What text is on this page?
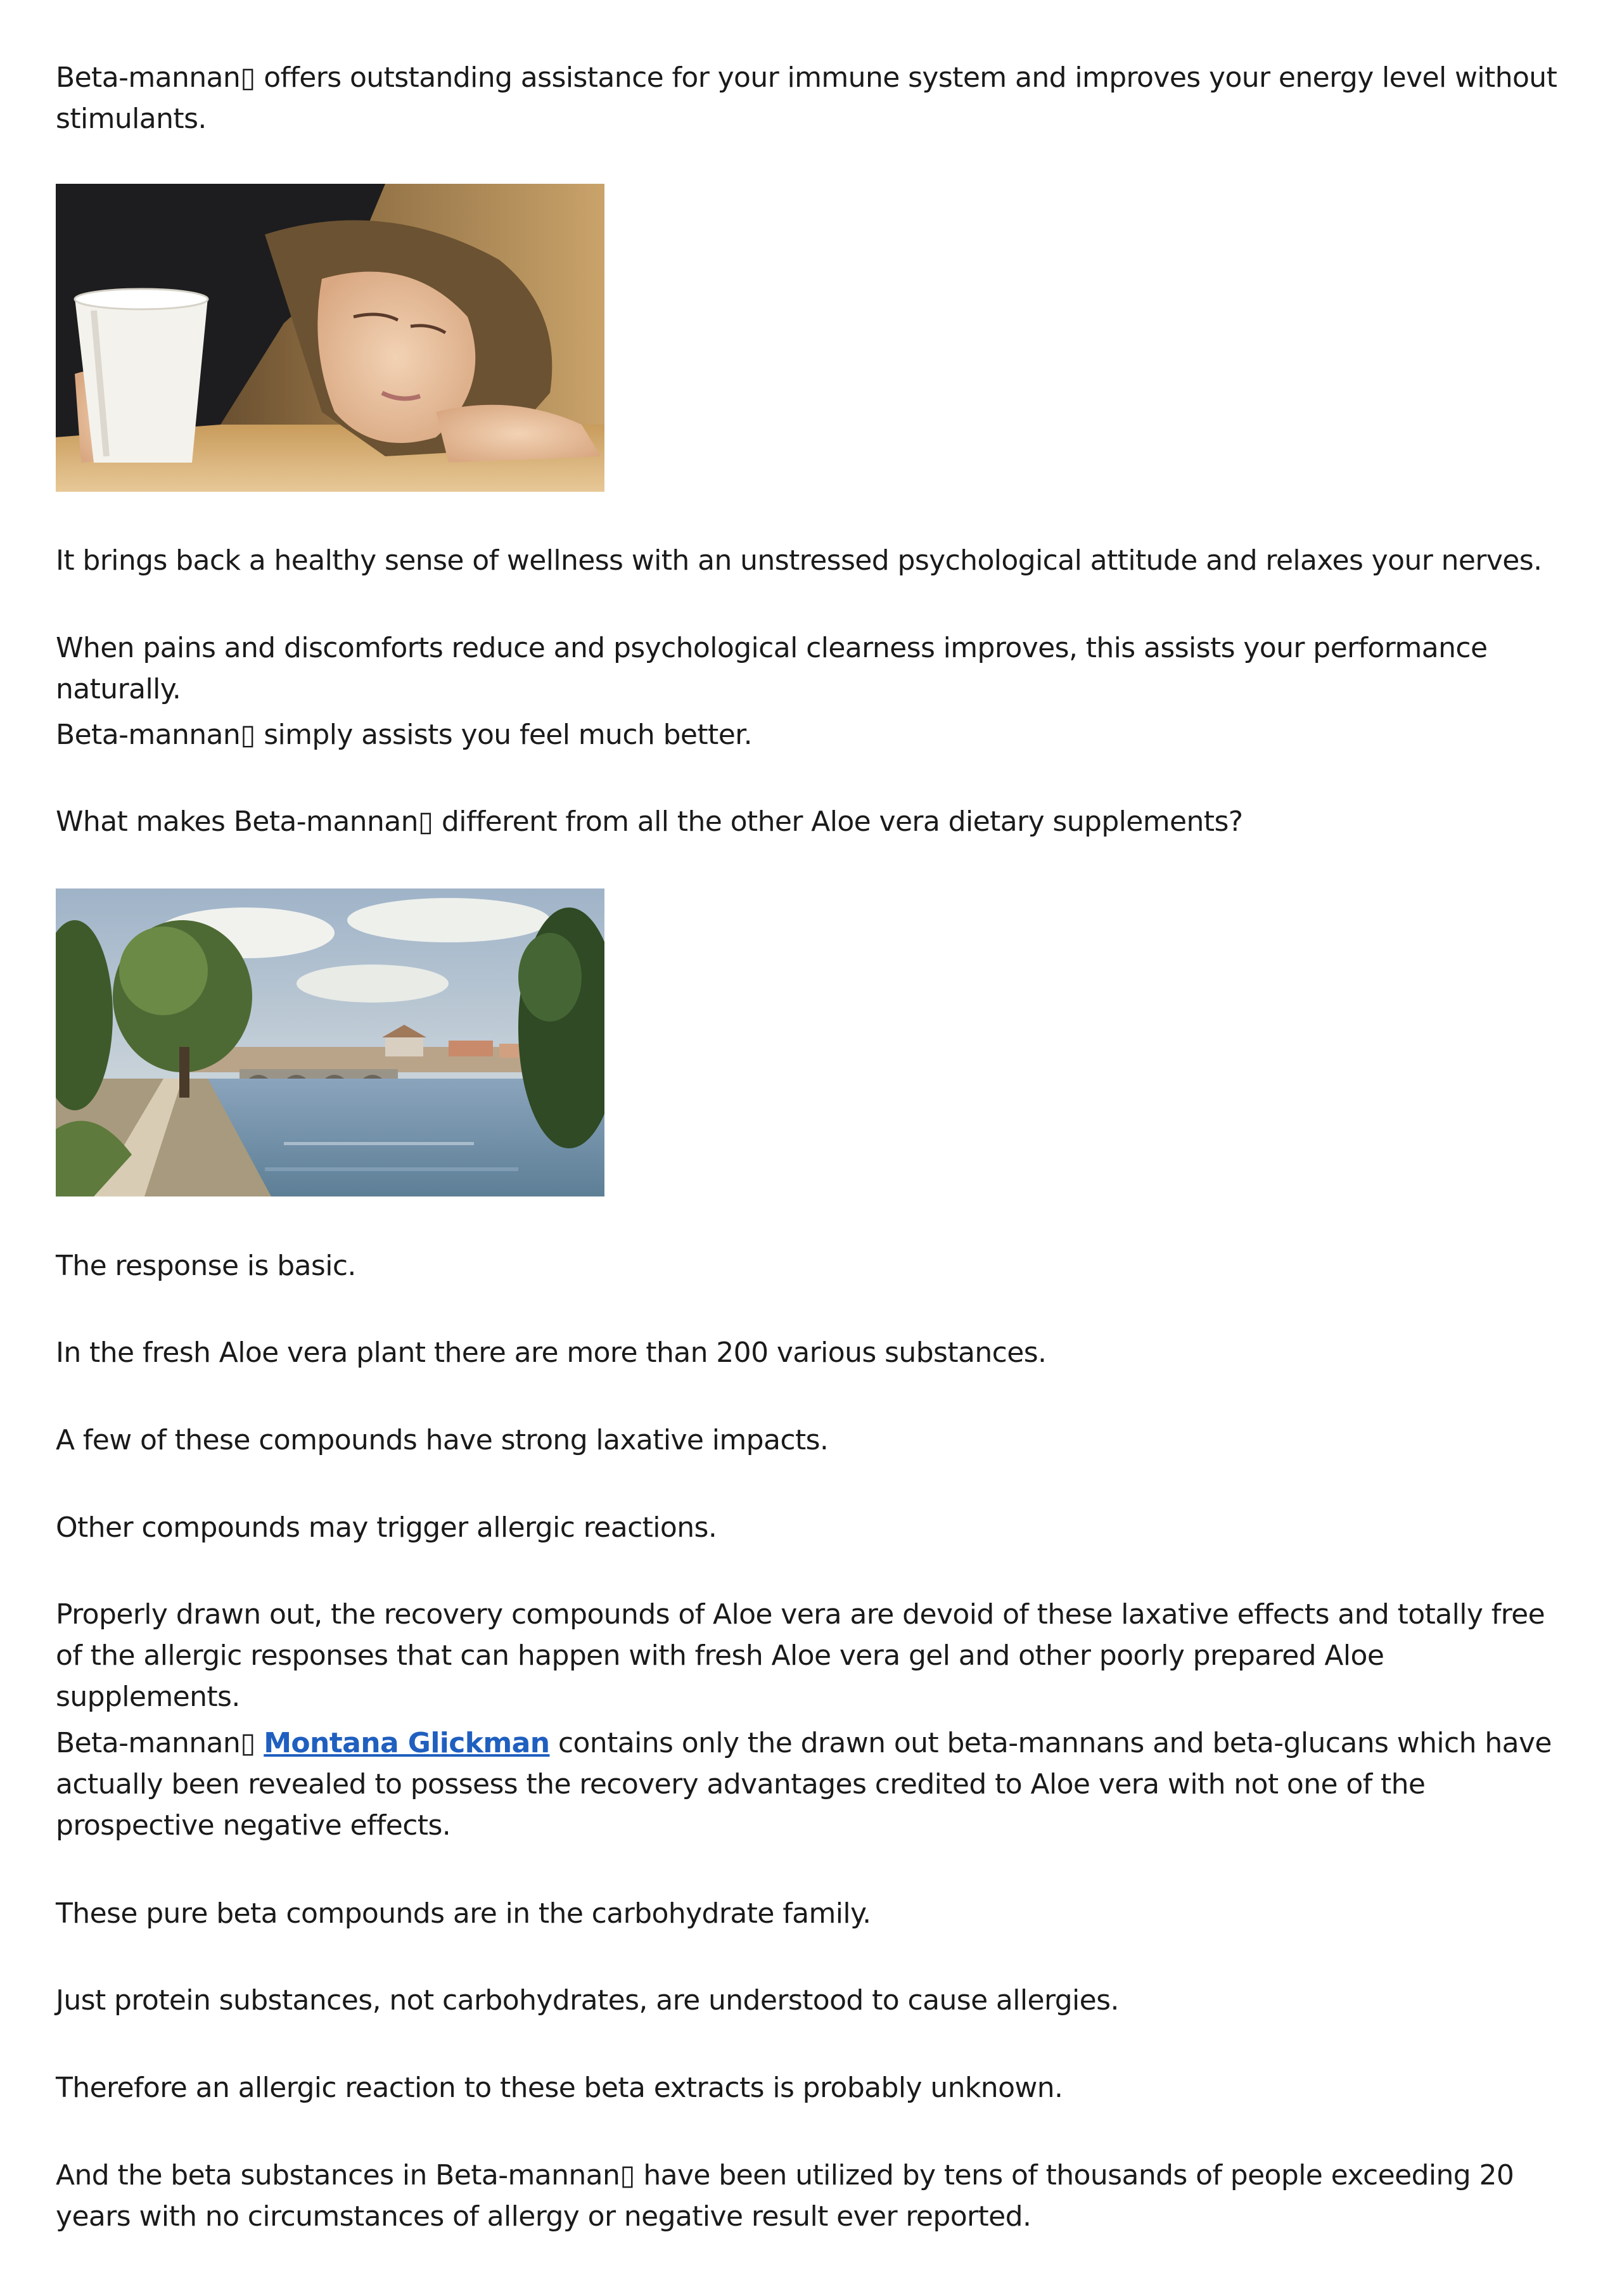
Beta-mannan▯ offers outstanding assistance for your immune system and improves your energy level without stimulants.

It brings back a healthy sense of wellness with an unstressed psychological attitude and relaxes your nerves.

When pains and discomforts reduce and psychological clearness improves, this assists your performance naturally.

Beta-mannan▯ simply assists you feel much better.

What makes Beta-mannan▯ different from all the other Aloe vera dietary supplements?

The response is basic.

In the fresh Aloe vera plant there are more than 200 various substances.

A few of these compounds have strong laxative impacts.

Other compounds may trigger allergic reactions.

Properly drawn out, the recovery compounds of Aloe vera are devoid of these laxative effects and totally free of the allergic responses that can happen with fresh Aloe vera gel and other poorly prepared Aloe supplements.

Beta-mannan▯ Montana Glickman contains only the drawn out beta-mannans and beta-glucans which have actually been revealed to possess the recovery advantages credited to Aloe vera with not one of the prospective negative effects.

These pure beta compounds are in the carbohydrate family.

Just protein substances, not carbohydrates, are understood to cause allergies.

Therefore an allergic reaction to these beta extracts is probably unknown.

And the beta substances in Beta-mannan▯ have been utilized by tens of thousands of people exceeding 20 years with no circumstances of allergy or negative result ever reported.
